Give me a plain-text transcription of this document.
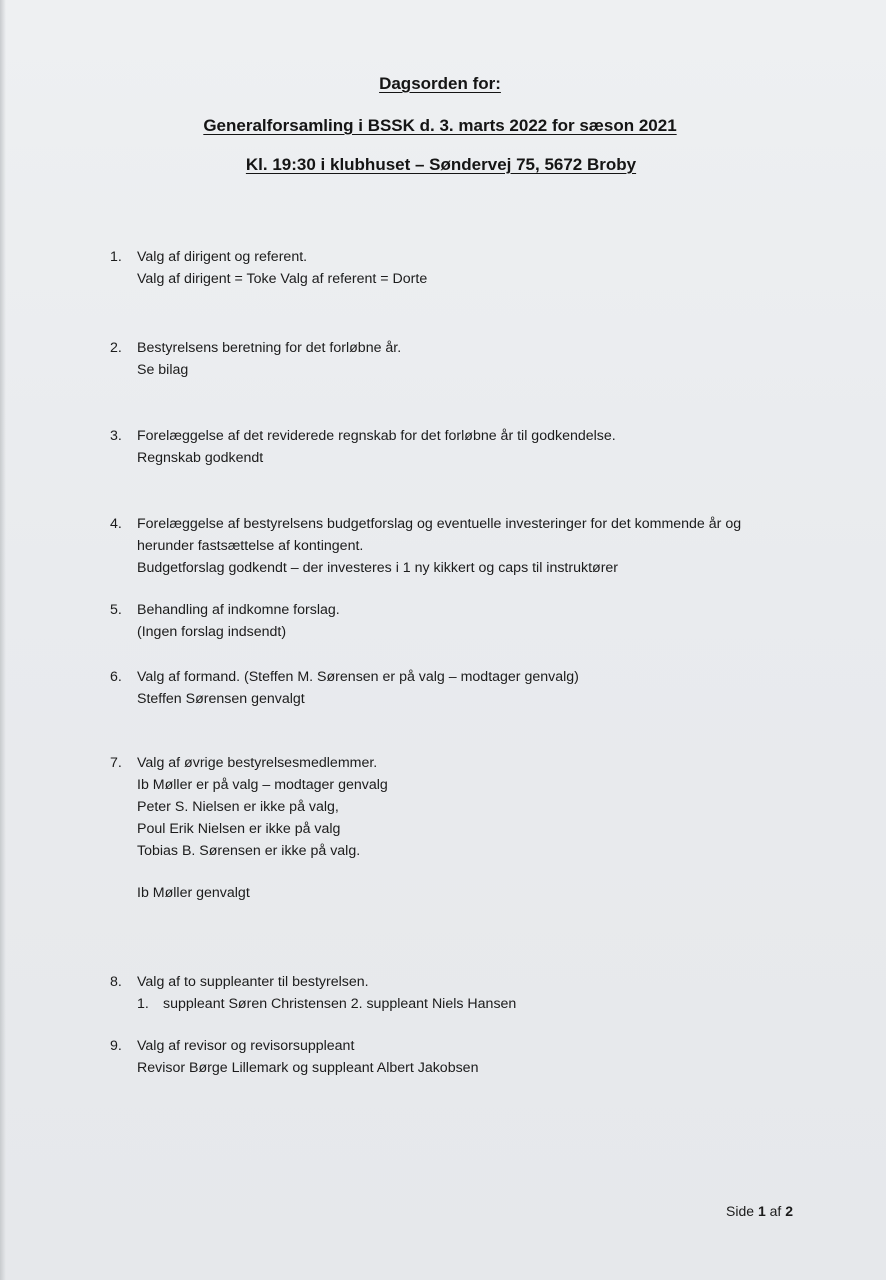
Dagsorden for:
Generalforsamling i BSSK d. 3. marts 2022 for sæson 2021
Kl. 19:30 i klubhuset – Søndervej 75, 5672 Broby
1.	Valg af dirigent og referent.
Valg af dirigent = Toke Valg af referent = Dorte
2.	Bestyrelsens beretning for det forløbne år.
Se bilag
3.	Forelæggelse af det reviderede regnskab for det forløbne år til godkendelse.
Regnskab godkendt
4.	Forelæggelse af bestyrelsens budgetforslag og eventuelle investeringer for det kommende år og
herunder fastsættelse af kontingent.
Budgetforslag godkendt – der investeres i 1 ny kikkert og caps til instruktører
5.	Behandling af indkomne forslag.
(Ingen forslag indsendt)
6.	Valg af formand. (Steffen M. Sørensen er på valg – modtager genvalg)
Steffen Sørensen genvalgt
7.	Valg af øvrige bestyrelsesmedlemmer.
Ib Møller er på valg – modtager genvalg
Peter S. Nielsen er ikke på valg,
Poul Erik Nielsen er ikke på valg
Tobias B. Sørensen er ikke på valg.
Ib Møller genvalgt
8.	Valg af to suppleanter til bestyrelsen.
1. suppleant Søren Christensen 2. suppleant Niels Hansen
9.	Valg af revisor og revisorsuppleant
Revisor Børge Lillemark og suppleant Albert Jakobsen
Side 1 af 2
